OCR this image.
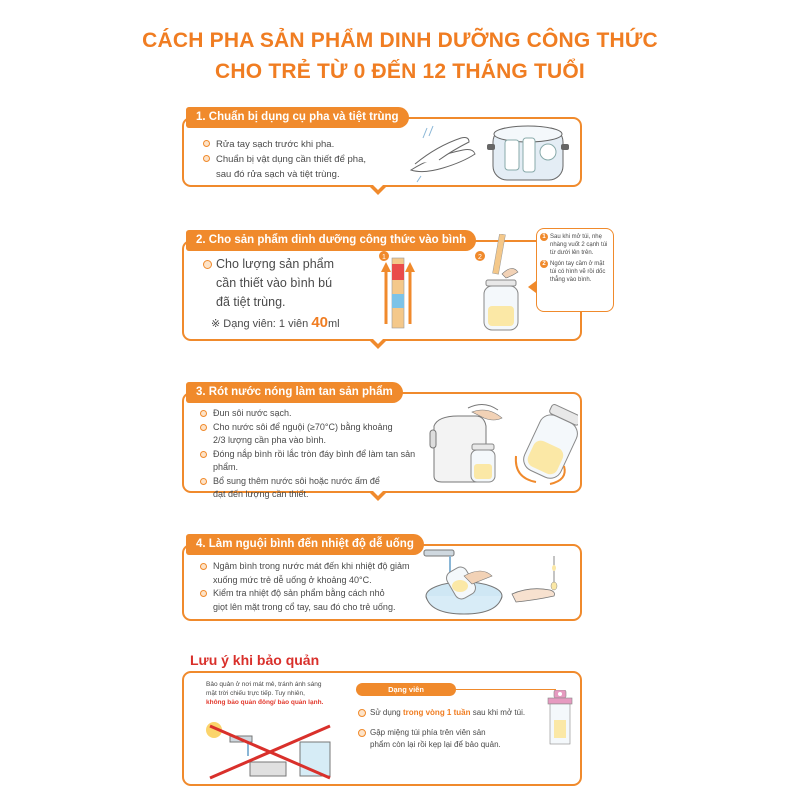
CÁCH PHA SẢN PHẨM DINH DƯỠNG CÔNG THỨC
CHO TRẺ TỪ 0 ĐẾN 12 THÁNG TUỔI
1. Chuẩn bị dụng cụ pha và tiệt trùng
Rửa tay sạch trước khi pha.
Chuẩn bị vật dụng cần thiết để pha,
sau đó rửa sạch và tiệt trùng.
2. Cho sản phẩm dinh dưỡng công thức vào bình
Cho lượng sản phẩm
cần thiết vào bình bú
đã tiệt trùng.
※ Dạng viên: 1 viên 40ml
1	2
1 Sau khi mở túi, nhẹ nhàng vuốt 2 cạnh túi từ dưới lên trên.
2 Ngón tay cầm ở mặt túi có hình vẽ rồi dốc thẳng vào bình.
3. Rót nước nóng làm tan sản phẩm
Đun sôi nước sạch.
Cho nước sôi để nguội (≥70°C) bằng khoảng
2/3 lượng cần pha vào bình.
Đóng nắp bình rồi lắc tròn đáy bình để làm tan sản phẩm.
Bổ sung thêm nước sôi hoặc nước ấm để
đạt đến lượng cần thiết.
4. Làm nguội bình đến nhiệt độ dễ uống
Ngâm bình trong nước mát đến khi nhiệt độ giảm
xuống mức trẻ dễ uống ở khoảng 40°C.
Kiểm tra nhiệt độ sản phẩm bằng cách nhỏ
giọt lên mặt trong cổ tay, sau đó cho trẻ uống.
Lưu ý khi bảo quản
Bảo quản ở nơi mát mẻ, tránh ánh sáng mặt trời chiếu trực tiếp. Tuy nhiên,
không bảo quản đông/ bảo quản lạnh.
Dạng viên
Sử dụng trong vòng 1 tuần sau khi mở túi.
Gập miệng túi phía trên viên sản
phẩm còn lại rồi kẹp lại để bảo quản.
